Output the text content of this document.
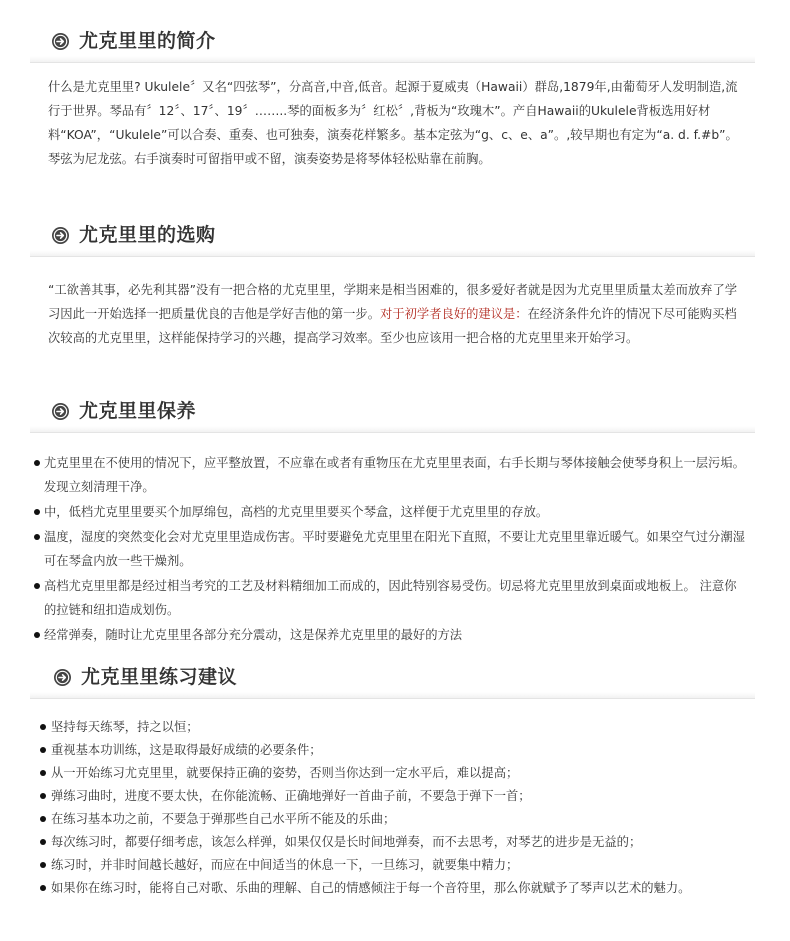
尤克里里的简介

什么是尤克里里? Ukulele〞又名“四弦琴”，分高音,中音,低音。起源于夏威夷（Hawaii）群岛,1879年,由葡萄牙人发明制造,流行于世界。琴品有〞12〞、17〞、19〞……..琴的面板多为〞红松〞,背板为“玫瑰木”。产自Hawaii的Ukulele背板选用好材料“KOA”，“Ukulele”可以合奏、重奏、也可独奏，演奏花样繁多。基本定弦为“g、c、e、a”。,较早期也有定为“a. d. f.#b”。琴弦为尼龙弦。右手演奏时可留指甲或不留，演奏姿势是将琴体轻松贴靠在前胸。

尤克里里的选购

“工欲善其事，必先利其器”没有一把合格的尤克里里，学期来是相当困难的，很多爱好者就是因为尤克里里质量太差而放弃了学习因此一开始选择一把质量优良的吉他是学好吉他的第一步。对于初学者良好的建议是：在经济条件允许的情况下尽可能购买档次较高的尤克里里，这样能保持学习的兴趣，提高学习效率。至少也应该用一把合格的尤克里里来开始学习。

尤克里里保养
尤克里里在不使用的情况下，应平整放置，不应靠在或者有重物压在尤克里里表面，右手长期与琴体接触会使琴身积上一层污垢。发现立刻清理干净。
中，低档尤克里里要买个加厚绵包，高档的尤克里里要买个琴盒，这样便于尤克里里的存放。
温度，湿度的突然变化会对尤克里里造成伤害。平时要避免尤克里里在阳光下直照，不要让尤克里里靠近暖气。如果空气过分潮湿可在琴盒内放一些干燥剂。
高档尤克里里都是经过相当考究的工艺及材料精细加工而成的，因此特别容易受伤。切忌将尤克里里放到桌面或地板上。 注意你的拉链和纽扣造成划伤。
经常弹奏，随时让尤克里里各部分充分震动，这是保养尤克里里的最好的方法
尤克里里练习建议
坚持每天练琴，持之以恒；
重视基本功训练，这是取得最好成绩的必要条件；
从一开始练习尤克里里，就要保持正确的姿势，否则当你达到一定水平后，难以提高；
弹练习曲时，进度不要太快，在你能流畅、正确地弹好一首曲子前，不要急于弹下一首；
在练习基本功之前，不要急于弹那些自己水平所不能及的乐曲；
每次练习时，都要仔细考虑，该怎么样弹，如果仅仅是长时间地弹奏，而不去思考，对琴艺的进步是无益的；
练习时，并非时间越长越好，而应在中间适当的休息一下，一旦练习，就要集中精力；
如果你在练习时，能将自己对歌、乐曲的理解、自己的情感倾注于每一个音符里，那么你就赋予了琴声以艺术的魅力。
